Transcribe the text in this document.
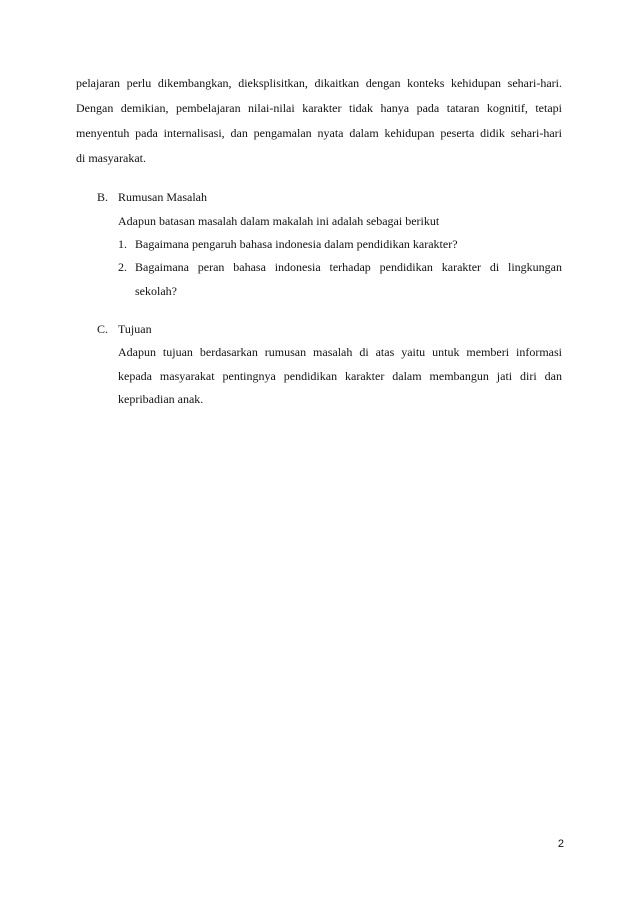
pelajaran perlu dikembangkan, dieksplisitkan, dikaitkan dengan konteks kehidupan sehari-hari.
Dengan demikian, pembelajaran nilai-nilai karakter tidak hanya pada tataran kognitif, tetapi
menyentuh pada internalisasi, dan pengamalan nyata dalam kehidupan peserta didik sehari-hari
di masyarakat.
B. Rumusan Masalah
Adapun batasan masalah dalam makalah ini adalah sebagai berikut
1. Bagaimana pengaruh bahasa indonesia dalam pendidikan karakter?
2. Bagaimana peran bahasa indonesia terhadap pendidikan karakter di lingkungan
sekolah?
C. Tujuan
Adapun tujuan berdasarkan rumusan masalah di atas yaitu untuk memberi informasi
kepada masyarakat pentingnya pendidikan karakter dalam membangun jati diri dan
kepribadian anak.
2
